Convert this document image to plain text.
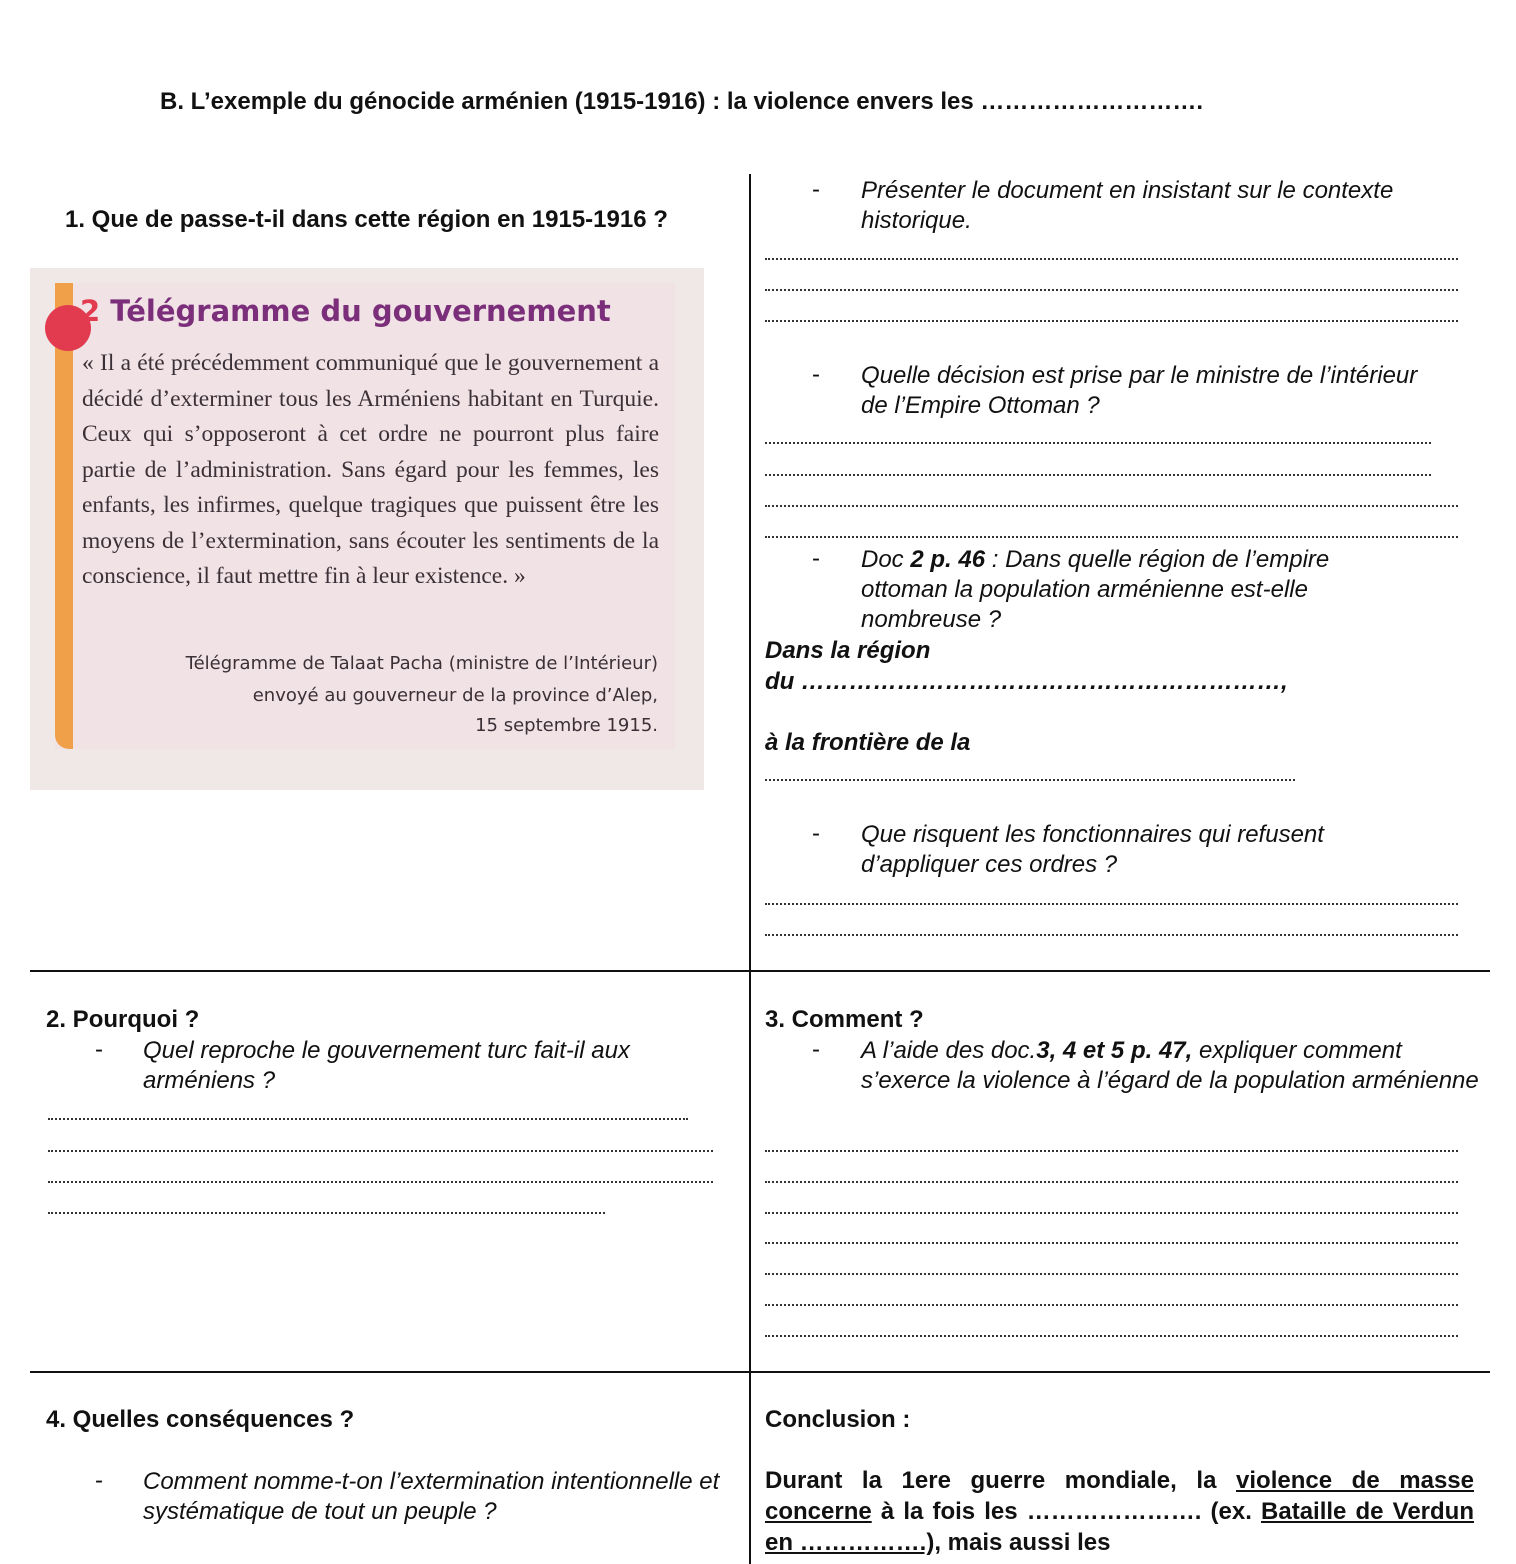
B. L’exemple du génocide arménien (1915-1916) : la violence envers les ……………………….
1. Que de passe-t-il dans cette région en 1915-1916 ?
2 Télégramme du gouvernement
« Il a été précédemment communiqué que le gouvernement a décidé d’exterminer tous les Arméniens habitant en Turquie. Ceux qui s’opposeront à cet ordre ne pourront plus faire partie de l’administration. Sans égard pour les femmes, les enfants, les infirmes, quelque tragiques que puissent être les moyens de l’extermination, sans écouter les sentiments de la conscience, il faut mettre fin à leur existence. »
Télégramme de Talaat Pacha (ministre de l’Intérieur)
envoyé au gouverneur de la province d’Alep,
15 septembre 1915.
- Présenter le document en insistant sur le contexte historique.
- Quelle décision est prise par le ministre de l’intérieur de l’Empire Ottoman ?
- Doc 2 p. 46 : Dans quelle région de l’empire ottoman la population arménienne est-elle nombreuse ?
Dans la région
du ……………………………………………………,
à la frontière de la
- Que risquent les fonctionnaires qui refusent d’appliquer ces ordres ?
2. Pourquoi ?
- Quel reproche le gouvernement turc fait-il aux arméniens ?
3. Comment ?
- A l’aide des doc.3, 4 et 5 p. 47, expliquer comment s’exerce la violence à l’égard de la population arménienne
4. Quelles conséquences ?
- Comment nomme-t-on l’extermination intentionnelle et systématique de tout un peuple ?
Conclusion :
Durant la 1ere guerre mondiale, la violence de masse concerne à la fois les …………………. (ex. Bataille de Verdun en …………….), mais aussi les
